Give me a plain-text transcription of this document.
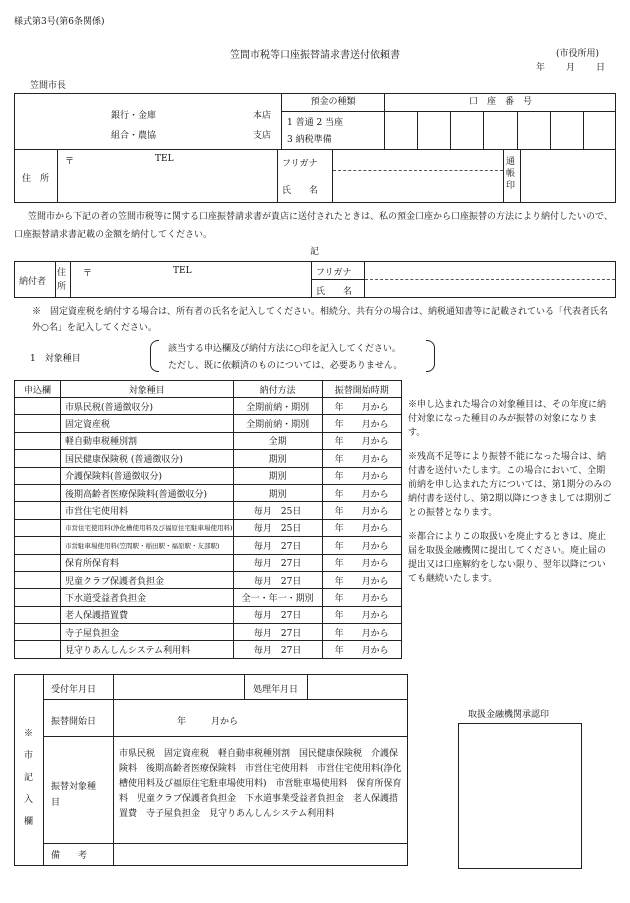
様式第3号(第6条関係)
笠間市税等口座振替請求書送付依頼書	(市役所用)
年 月 日
笠間市長
銀行・金庫
組合・農協
本店
支店
預金の種類
1 普通 2 当座
3 納税準備
口　座　番　号
住　所
〒	TEL	フリガナ
氏　　名
通帳印
笠間市から下記の者の笠間市税等に関する口座振替請求書が貴店に送付されたときは、私の預金口座から口座振替の方法により納付したいので、口座振替請求書記載の金額を納付してください。
記
納付者
住所
〒	TEL	フリガナ
氏　　名
※　固定資産税を納付する場合は、所有者の氏名を記入してください。相続分、共有分の場合は、納税通知書等に記載されている「代表者氏名外○名」を記入してください。
1　対象種目
該当する申込欄及び納付方法に○印を記入してください。
ただし、既に依頼済のものについては、必要ありません。
申込欄	対象種目	納付方法	振替開始時期
	市県民税(普通徴収分)	全期前納・期別	年 月から
	固定資産税	全期前納・期別	年 月から
	軽自動車税種別割	全期	年 月から
	国民健康保険税 (普通徴収分)	期別	年 月から
	介護保険料(普通徴収分)	期別	年 月から
	後期高齢者医療保険料(普通徴収分)	期別	年 月から
	市営住宅使用料	毎月　25日	年 月から
	市営住宅使用料(浄化槽使用料及び福原住宅駐車場使用料)	毎月　25日	年 月から
	市営駐車場使用料(笠間駅・稲田駅・福原駅・友部駅)	毎月　27日	年 月から
	保育所保育料	毎月　27日	年 月から
	児童クラブ保護者負担金	毎月　27日	年 月から
	下水道受益者負担金	全一・年一・期別	年 月から
	老人保護措置費	毎月　27日	年 月から
	寺子屋負担金	毎月　27日	年 月から
	見守りあんしんシステム利用料	毎月　27日	年 月から

※申し込まれた場合の対象種目は、その年度に納付対象になった種目のみが振替の対象になります。

※残高不足等により振替不能になった場合は、納付書を送付いたします。この場合において、全期前納を申し込まれた方については、第1期分のみの納付書を送付し、第2期以降につきましては期別ごとの振替となります。

※都合によりこの取扱いを廃止するときは、廃止届を取扱金融機関に提出してください。廃止届の提出又は口座解約をしない限り、翌年以降についても継続いたします。

※市記入欄
受付年月日	処理年月日
振替開始日	年	月から
振替対象種　　目
市県民税　固定資産税　軽自動車税種別割　国民健康保険税　介護保険料　後期高齢者医療保険料　市営住宅使用料　市営住宅使用料(浄化槽使用料及び福原住宅駐車場使用料)　市営駐車場使用料　保育所保育料　児童クラブ保護者負担金　下水道事業受益者負担金　老人保護措置費　寺子屋負担金　見守りあんしんシステム利用料
備　　考
取扱金融機関承認印
